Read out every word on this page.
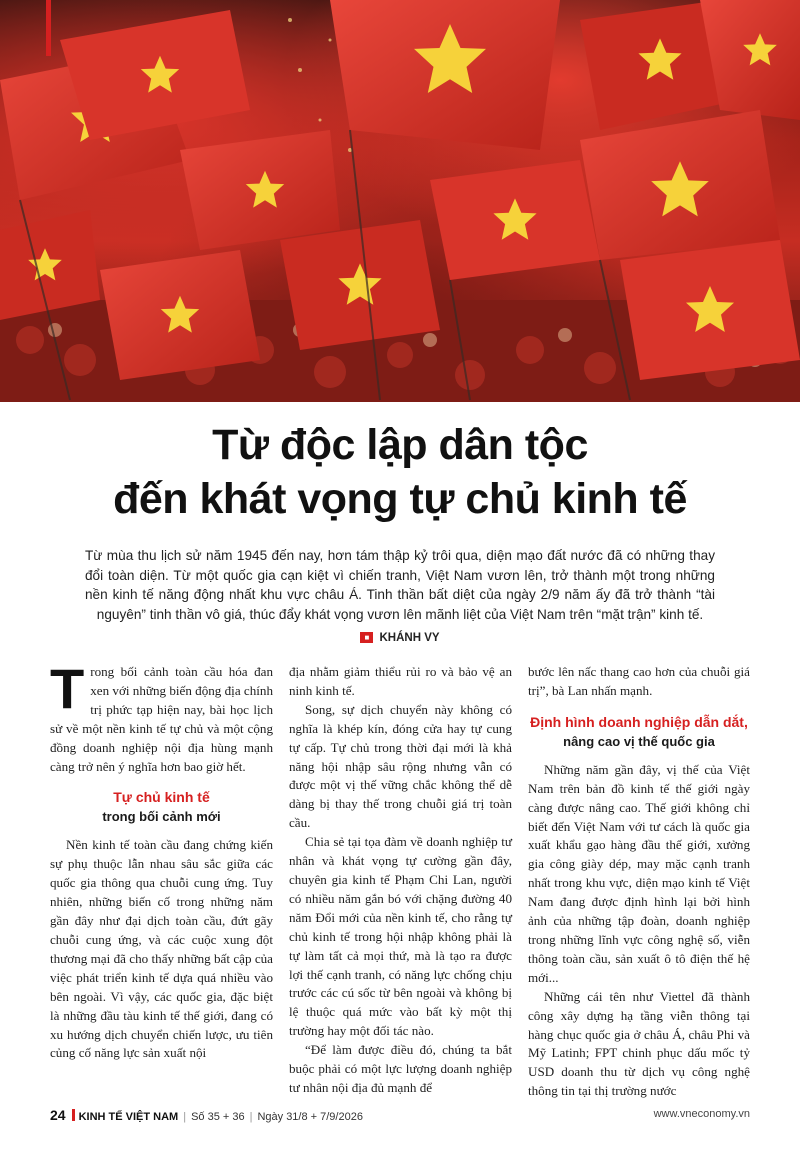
Từ độc lập dân tộc
đến khát vọng tự chủ kinh tế
Từ mùa thu lịch sử năm 1945 đến nay, hơn tám thập kỷ trôi qua, diện mạo đất nước đã có những thay đổi toàn diện. Từ một quốc gia cạn kiệt vì chiến tranh, Việt Nam vươn lên, trở thành một trong những nền kinh tế năng động nhất khu vực châu Á. Tinh thần bất diệt của ngày 2/9 năm ấy đã trở thành “tài nguyên” tinh thần vô giá, thúc đẩy khát vọng vươn lên mãnh liệt của Việt Nam trên “mặt trận” kinh tế.
■ KHÁNH VY

Trong bối cảnh toàn cầu hóa đan xen với những biến động địa chính trị phức tạp hiện nay, bài học lịch sử về một nền kinh tế tự chủ và một cộng đồng doanh nghiệp nội địa hùng mạnh càng trở nên ý nghĩa hơn bao giờ hết.

Tự chủ kinh tế
trong bối cảnh mới

Nền kinh tế toàn cầu đang chứng kiến sự phụ thuộc lẫn nhau sâu sắc giữa các quốc gia thông qua chuỗi cung ứng. Tuy nhiên, những biến cố trong những năm gần đây như đại dịch toàn cầu, đứt gãy chuỗi cung ứng, và các cuộc xung đột thương mại đã cho thấy những bất cập của việc phát triển kinh tế dựa quá nhiều vào bên ngoài. Vì vậy, các quốc gia, đặc biệt là những đầu tàu kinh tế thế giới, đang có xu hướng dịch chuyển chiến lược, ưu tiên củng cố năng lực sản xuất nội

địa nhằm giảm thiểu rủi ro và bảo vệ an ninh kinh tế.

Song, sự dịch chuyển này không có nghĩa là khép kín, đóng cửa hay tự cung tự cấp. Tự chủ trong thời đại mới là khả năng hội nhập sâu rộng nhưng vẫn có được một vị thế vững chắc không thể dễ dàng bị thay thế trong chuỗi giá trị toàn cầu.

Chia sẻ tại tọa đàm về doanh nghiệp tư nhân và khát vọng tự cường gần đây, chuyên gia kinh tế Phạm Chi Lan, người có nhiều năm gắn bó với chặng đường 40 năm Đổi mới của nền kinh tế, cho rằng tự chủ kinh tế trong hội nhập không phải là tự làm tất cả mọi thứ, mà là tạo ra được lợi thế cạnh tranh, có năng lực chống chịu trước các cú sốc từ bên ngoài và không bị lệ thuộc quá mức vào bất kỳ một thị trường hay một đối tác nào.

“Để làm được điều đó, chúng ta bắt buộc phải có một lực lượng doanh nghiệp tư nhân nội địa đủ mạnh để

bước lên nấc thang cao hơn của chuỗi giá trị”, bà Lan nhấn mạnh.

Định hình doanh nghiệp dẫn dắt,
nâng cao vị thế quốc gia

Những năm gần đây, vị thế của Việt Nam trên bản đồ kinh tế thế giới ngày càng được nâng cao. Thế giới không chỉ biết đến Việt Nam với tư cách là quốc gia xuất khẩu gạo hàng đầu thế giới, xưởng gia công giày dép, may mặc cạnh tranh nhất trong khu vực, diện mạo kinh tế Việt Nam đang được định hình lại bởi hình ảnh của những tập đoàn, doanh nghiệp trong những lĩnh vực công nghệ số, viễn thông toàn cầu, sản xuất ô tô điện thế hệ mới...

Những cái tên như Viettel đã thành công xây dựng hạ tầng viễn thông tại hàng chục quốc gia ở châu Á, châu Phi và Mỹ Latinh; FPT chinh phục dấu mốc tỷ USD doanh thu từ dịch vụ công nghệ thông tin tại thị trường nước

24 KINH TẾ VIỆT NAM | Số 35 + 36 | Ngày 31/8 + 7/9/2026	www.vneconomy.vn
